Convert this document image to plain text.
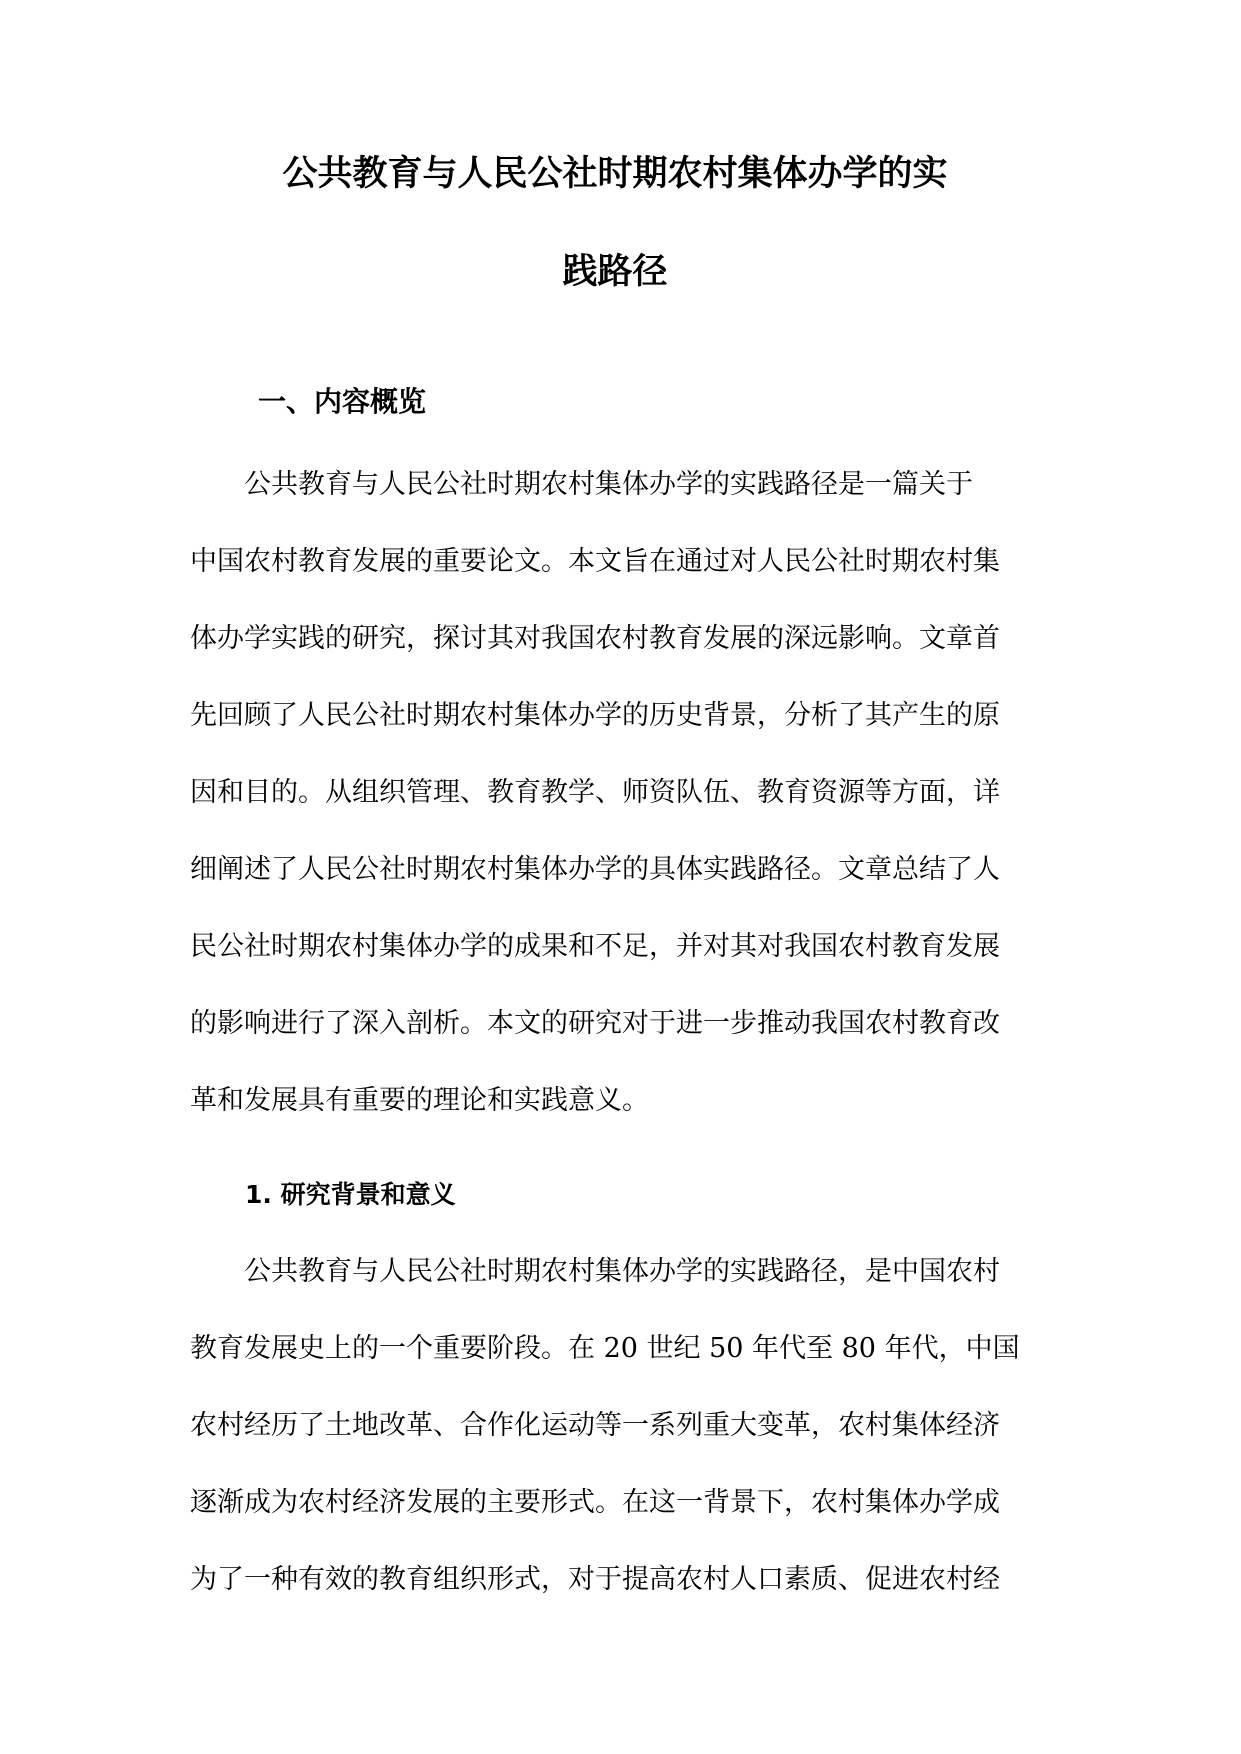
公共教育与人民公社时期农村集体办学的实
践路径
一、内容概览
公共教育与人民公社时期农村集体办学的实践路径是一篇关于
中国农村教育发展的重要论文。本文旨在通过对人民公社时期农村集
体办学实践的研究，探讨其对我国农村教育发展的深远影响。文章首
先回顾了人民公社时期农村集体办学的历史背景，分析了其产生的原
因和目的。从组织管理、教育教学、师资队伍、教育资源等方面，详
细阐述了人民公社时期农村集体办学的具体实践路径。文章总结了人
民公社时期农村集体办学的成果和不足，并对其对我国农村教育发展
的影响进行了深入剖析。本文的研究对于进一步推动我国农村教育改
革和发展具有重要的理论和实践意义。
1. 研究背景和意义
公共教育与人民公社时期农村集体办学的实践路径，是中国农村
教育发展史上的一个重要阶段。在 20 世纪 50 年代至 80 年代，中国
农村经历了土地改革、合作化运动等一系列重大变革，农村集体经济
逐渐成为农村经济发展的主要形式。在这一背景下，农村集体办学成
为了一种有效的教育组织形式，对于提高农村人口素质、促进农村经
